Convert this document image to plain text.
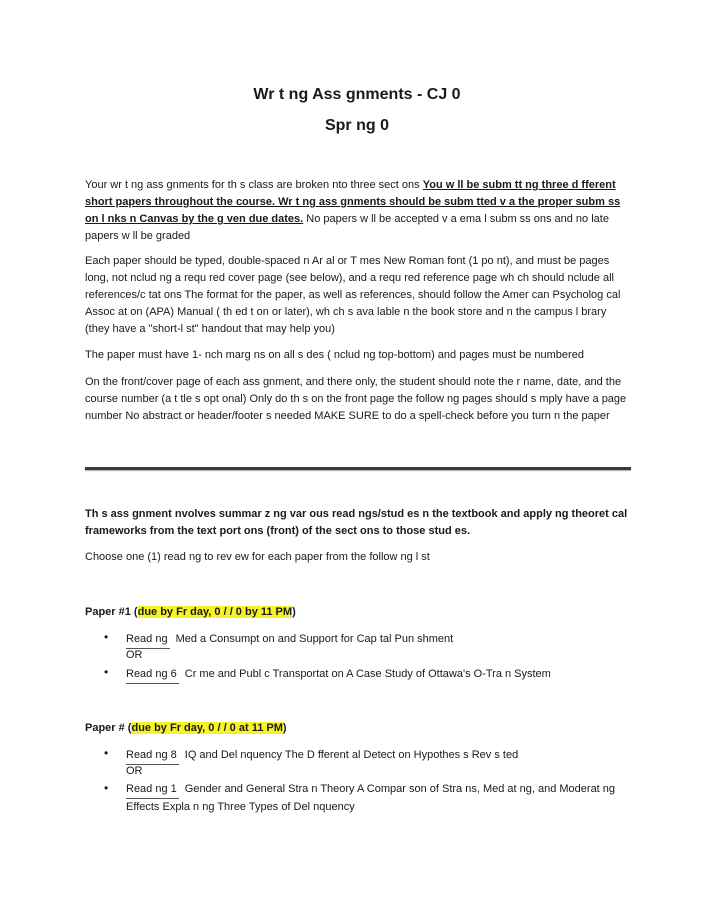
Wr t ng Ass gnments - CJ 0
Spr ng 0
Your wr t ng ass gnments for th s class are broken nto three sect ons You w ll be subm tt ng three d fferent short papers throughout the course. Wr t ng ass gnments should be subm tted v a the proper subm ss on l nks n Canvas by the g ven due dates. No papers w ll be accepted v a ema l subm ss ons and no late papers w ll be graded
Each paper should be typed, double-spaced n Ar al or T mes New Roman font (1 po nt), and must be pages long, not nclud ng a requ red cover page (see below), and a requ red reference page wh ch should nclude all references/c tat ons The format for the paper, as well as references, should follow the Amer can Psycholog cal Assoc at on (APA) Manual ( th ed t on or later), wh ch s ava lable n the book store and n the campus l brary (they have a "short-l st" handout that may help you)
The paper must have 1- nch marg ns on all s des ( nclud ng top-bottom) and pages must be numbered
On the front/cover page of each ass gnment, and there only, the student should note the r name, date, and the course number (a t tle s opt onal) Only do th s on the front page the follow ng pages should s mply have a page number No abstract or header/footer s needed MAKE SURE to do a spell-check before you turn n the paper
Th s ass gnment nvolves summar z ng var ous read ngs/stud es n the textbook and apply ng theoret cal frameworks from the text port ons (front) of the sect ons to those stud es.
Choose one (1) read ng to rev ew for each paper from the follow ng l st
Paper #1 (due by Fr day, 0 / / 0 by 11 PM)
• Read ngMed a Consumpt on and Support for Cap tal Pun shment
OR
• Read ng 6 Cr me and Publ c Transportat on A Case Study of Ottawa's O-Tra n System
Paper # (due by Fr day, 0 / / 0 at 11 PM)
• Read ng 8 IQ and Del nquency The D fferent al Detect on Hypothes s Rev s ted
OR
• Read ng 1Gender and General Stra n Theory A Compar son of Stra ns, Med at ng, and Moderat ng Effects Expla n ng Three Types of Del nquency
